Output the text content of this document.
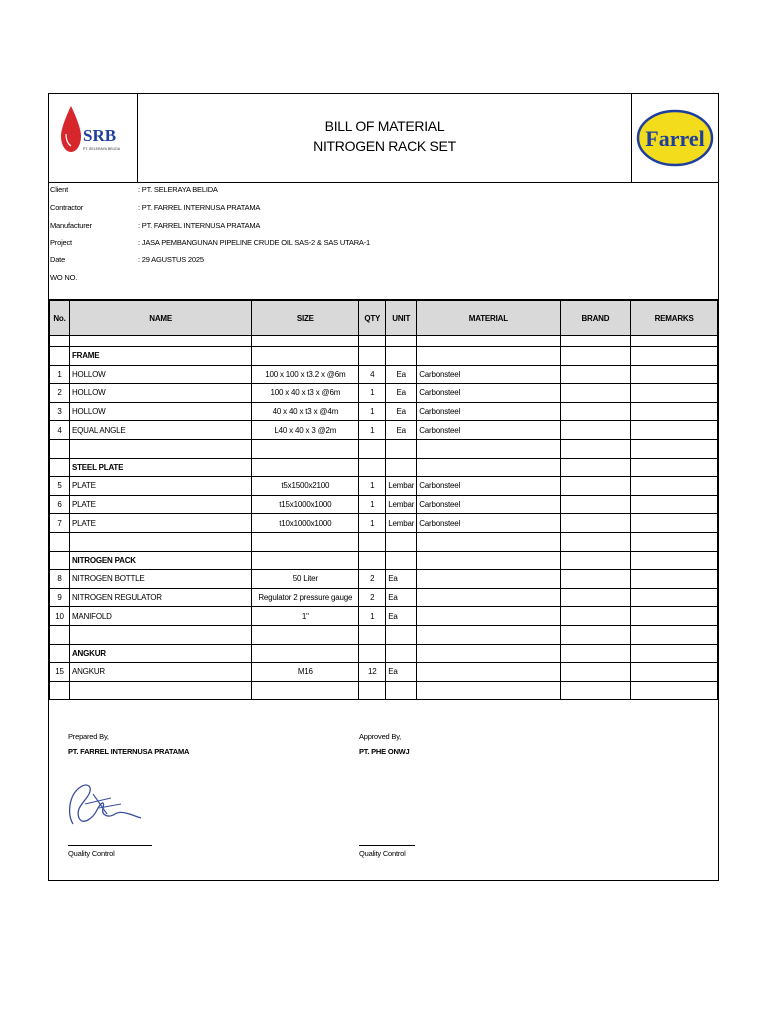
SRB
PT. SELERAYA BELIDA
BILL OF MATERIAL
NITROGEN RACK SET	Farrel
Client	: PT. SELERAYA BELIDA
Contractor	: PT. FARREL INTERNUSA PRATAMA
Manufacturer	: PT. FARREL INTERNUSA PRATAMA
Project	: JASA PEMBANGUNAN PIPELINE CRUDE OIL SAS-2 & SAS UTARA-1
Date	: 29 AGUSTUS 2025
WO NO.
No.	NAME	SIZE	QTY	UNIT	MATERIAL	BRAND	REMARKS

	FRAME						
1	HOLLOW	100 x 100 x t3.2 x @6m	4	Ea	Carbonsteel		
2	HOLLOW	100 x 40 x t3 x @6m	1	Ea	Carbonsteel		
3	HOLLOW	40 x 40 x t3 x @4m	1	Ea	Carbonsteel		
4	EQUAL ANGLE	L40 x 40 x 3 @2m	1	Ea	Carbonsteel		

	STEEL PLATE						
5	PLATE	t5x1500x2100	1	Lembar	Carbonsteel		
6	PLATE	t15x1000x1000	1	Lembar	Carbonsteel		
7	PLATE	t10x1000x1000	1	Lembar	Carbonsteel		

	NITROGEN PACK						
8	NITROGEN BOTTLE	50 Liter	2	Ea			
9	NITROGEN REGULATOR	Regulator 2 pressure gauge	2	Ea			
10	MANIFOLD	1"	1	Ea			

	ANGKUR						
15	ANGKUR	M16	12	Ea			

Prepared By,
PT. FARREL INTERNUSA PRATAMA
Quality Control
Approved By,
PT. PHE ONWJ
Quality Control
